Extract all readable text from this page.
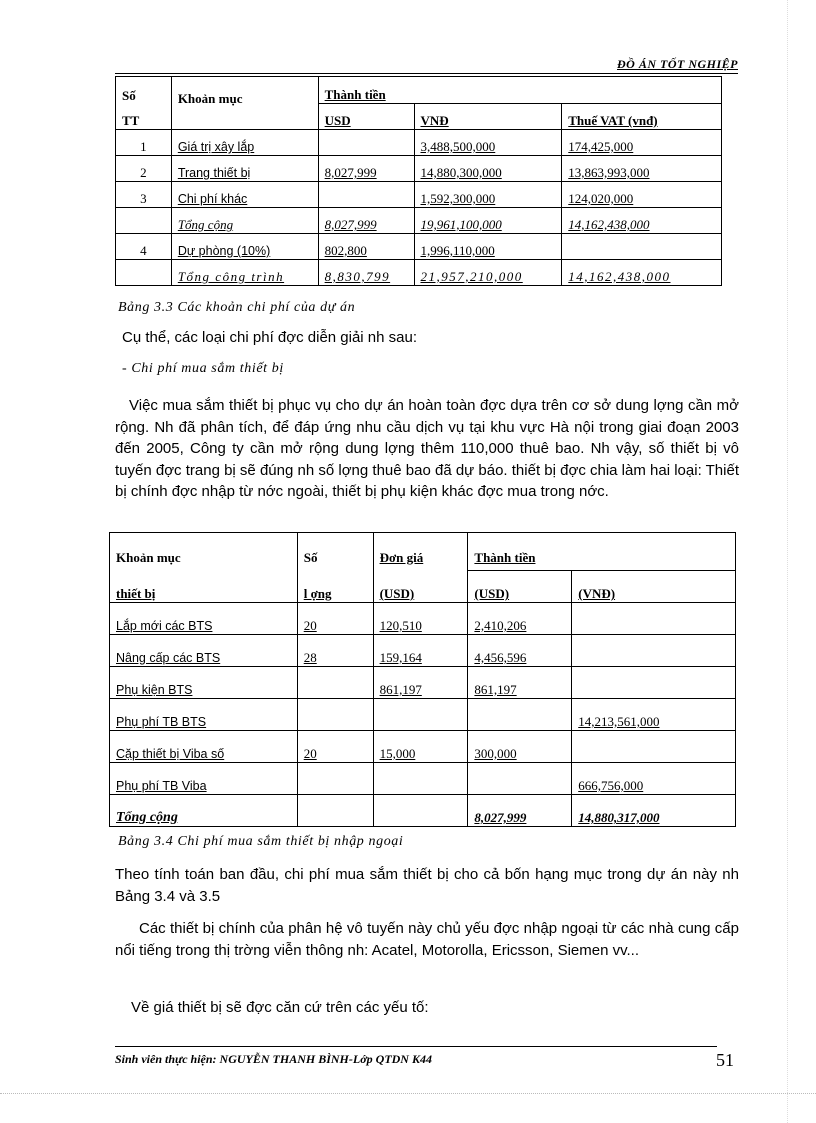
ĐỒ ÁN TỐT NGHIỆP
Số	Khoản mục	Thành tiền		
TT		USD	VNĐ	Thuế VAT (vnđ)
1	Giá trị xây lắp		3,488,500,000	174,425,000
2	Trang thiết bị	8,027,999	14,880,300,000	13,863,993,000
3	Chi phí khác		1,592,300,000	124,020,000
	Tổng cộng	8,027,999	19,961,100,000	14,162,438,000
4	Dự phòng (10%)	802,800	1,996,110,000	
	Tổng công trình	8,830,799	21,957,210,000	14,162,438,000
Bảng 3.3 Các khoản chi phí của dự án
Cụ thể, các loại chi phí đợc diễn giải nh sau:
- Chi phí mua sắm thiết bị
Việc mua sắm thiết bị phục vụ cho dự án hoàn toàn đợc dựa trên cơ sở dung lợng cần mở rộng. Nh đã phân tích, để đáp ứng nhu cầu dịch vụ tại khu vực Hà nội trong giai đoạn 2003 đến 2005, Công ty cần mở rộng dung lợng thêm 110,000 thuê bao. Nh vậy, số thiết bị vô tuyến đợc trang bị sẽ đúng nh số lợng thuê bao đã dự báo. thiết bị đợc chia làm hai loại: Thiết bị chính đợc nhập từ nớc ngoài, thiết bị phụ kiện khác đợc mua trong nớc.
Khoản mục	Số	Đơn giá	Thành tiền	
thiết bị	l ợng	(USD)	(USD)	(VNĐ)
Lắp mới các BTS	20	120,510	2,410,206	
Nâng cấp các BTS	28	159,164	4,456,596	
Phụ kiện BTS		861,197	861,197	
Phụ phí TB BTS				14,213,561,000
Cặp thiết bị Viba số	20	15,000	300,000	
Phụ phí TB Viba				666,756,000
Tổng cộng			8,027,999	14,880,317,000
Bảng 3.4 Chi phí mua sắm thiết bị nhập ngoại
Theo tính toán ban đầu, chi phí mua sắm thiết bị cho cả bốn hạng mục trong dự án này nh Bảng 3.4 và 3.5
Các thiết bị chính của phân hệ vô tuyến này chủ yếu đợc nhập ngoại từ các nhà cung cấp nổi tiếng trong thị trờng viễn thông nh: Acatel, Motorolla, Ericsson, Siemen vv...
Về giá thiết bị sẽ đợc căn cứ trên các yếu tố:
Sinh viên thực hiện: NGUYỄN THANH BÌNH-Lớp QTDN K44	51
